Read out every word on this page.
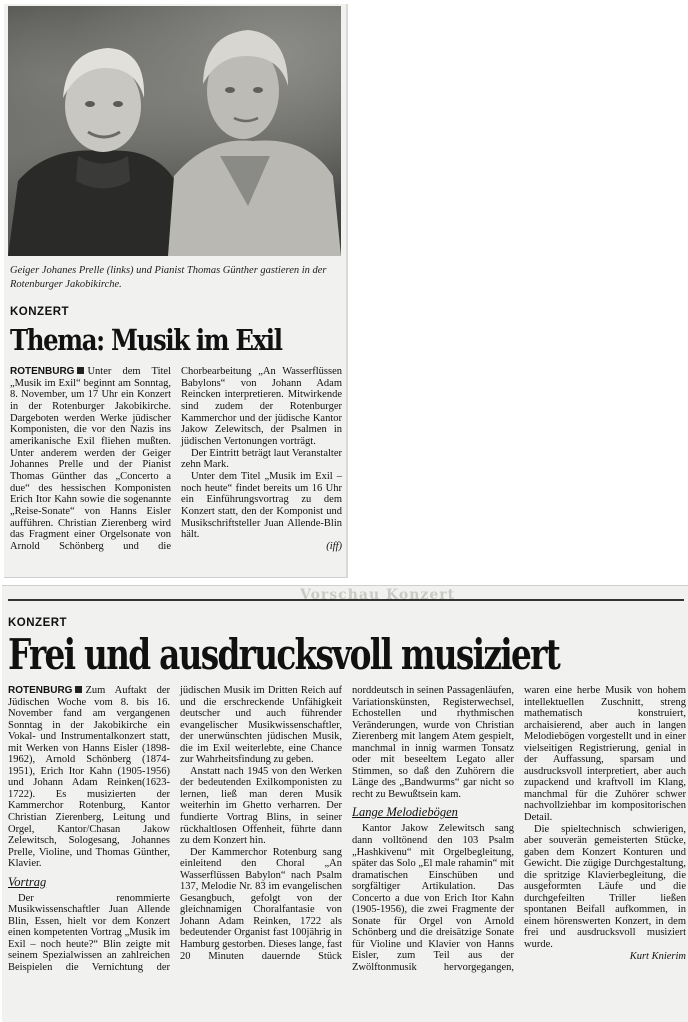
Geiger Johanes Prelle (links) und Pianist Thomas Günther gastieren in der Rotenburger Jakobikirche.
KONZERT
Thema: Musik im Exil

ROTENBURG Unter dem Titel „Musik im Exil“ beginnt am Sonntag, 8. November, um 17 Uhr ein Konzert in der Rotenburger Jakobikirche. Dargeboten werden Werke jüdischer Komponisten, die vor den Nazis ins amerikanische Exil fliehen mußten. Unter anderem werden der Geiger Johannes Prelle und der Pianist Thomas Günther das „Concerto a due“ des hessischen Komponisten Erich Itor Kahn sowie die sogenannte „Reise-Sonate“ von Hanns Eisler aufführen. Christian Zierenberg wird das Fragment einer Orgelsonate von Arnold Schönberg und die Chorbearbeitung „An Wasserflüssen Babylons“ von Johann Adam Reincken interpretieren. Mitwirkende sind zudem der Rotenburger Kammerchor und der jüdische Kantor Jakow Zelewitsch, der Psalmen in jüdischen Vertonungen vorträgt.

Der Eintritt beträgt laut Veranstalter zehn Mark.

Unter dem Titel „Musik im Exil – noch heute“ findet bereits um 16 Uhr ein Einführungsvortrag zu dem Konzert statt, den der Komponist und Musikschriftsteller Juan Allende-Blin hält.
(iff)

Vorschau Konzert
KONZERT
Frei und ausdrucksvoll musiziert

ROTENBURG Zum Auftakt der Jüdischen Woche vom 8. bis 16. November fand am vergangenen Sonntag in der Jakobikirche ein Vokal- und Instrumentalkonzert statt, mit Werken von Hanns Eisler (1898-1962), Arnold Schönberg (1874-1951), Erich Itor Kahn (1905-1956) und Johann Adam Reinken(1623-1722). Es musizierten der Kammerchor Rotenburg, Kantor Christian Zierenberg, Leitung und Orgel, Kantor/Chasan Jakow Zelewitsch, Sologesang, Johannes Prelle, Violine, und Thomas Günther, Klavier.

Vortrag

Der renommierte Musikwissenschaftler Juan Allende Blin, Essen, hielt vor dem Konzert einen kompetenten Vortrag „Musik im Exil – noch heute?“ Blin zeigte mit seinem Spezialwissen an zahlreichen Beispielen die Vernichtung der jüdischen Musik im Dritten Reich auf und die erschreckende Unfähigkeit deutscher und auch führender evangelischer Musikwissenschaftler, der unerwünschten jüdischen Musik, die im Exil weiterlebte, eine Chance zur Wahrheitsfindung zu geben.

Anstatt nach 1945 von den Werken der bedeutenden Exilkomponisten zu lernen, ließ man deren Musik weiterhin im Ghetto verharren. Der fundierte Vortrag Blins, in seiner rückhaltlosen Offenheit, führte dann zu dem Konzert hin.

Der Kammerchor Rotenburg sang einleitend den Choral „An Wasserflüssen Babylon“ nach Psalm 137, Melodie Nr. 83 im evangelischen Gesangbuch, gefolgt von der gleichnamigen Choralfantasie von Johann Adam Reinken, 1722 als bedeutender Organist fast 100jährig in Hamburg gestorben. Dieses lange, fast 20 Minuten dauernde Stück norddeutsch in seinen Passagenläufen, Variationskünsten, Registerwechsel, Echostellen und rhythmischen Veränderungen, wurde von Christian Zierenberg mit langem Atem gespielt, manchmal in innig warmen Tonsatz oder mit beseeltem Legato aller Stimmen, so daß den Zuhörern die Länge des „Bandwurms“ gar nicht so recht zu Bewußtsein kam.

Lange Melodiebögen

Kantor Jakow Zelewitsch sang dann volltönend den 103 Psalm „Hashkivenu“ mit Orgelbegleitung, später das Solo „El male rahamin“ mit dramatischen Einschüben und sorgfältiger Artikulation. Das Concerto a due von Erich Itor Kahn (1905-1956), die zwei Fragmente der Sonate für Orgel von Arnold Schönberg und die dreisätzige Sonate für Violine und Klavier von Hanns Eisler, zum Teil aus der Zwölftonmusik hervorgegangen, waren eine herbe Musik von hohem intellektuellen Zuschnitt, streng mathematisch konstruiert, archaisierend, aber auch in langen Melodiebögen vorgestellt und in einer vielseitigen Registrierung, genial in der Auffassung, sparsam und ausdrucksvoll interpretiert, aber auch zupackend und kraftvoll im Klang, manchmal für die Zuhörer schwer nachvollziehbar im kompositorischen Detail.

Die spieltechnisch schwierigen, aber souverän gemeisterten Stücke, gaben dem Konzert Konturen und Gewicht. Die zügige Durchgestaltung, die spritzige Klavierbegleitung, die ausgeformten Läufe und die durchgefeilten Triller ließen spontanen Beifall aufkommen, in einem hörenswerten Konzert, in dem frei und ausdrucksvoll musiziert wurde.
Kurt Knierim
